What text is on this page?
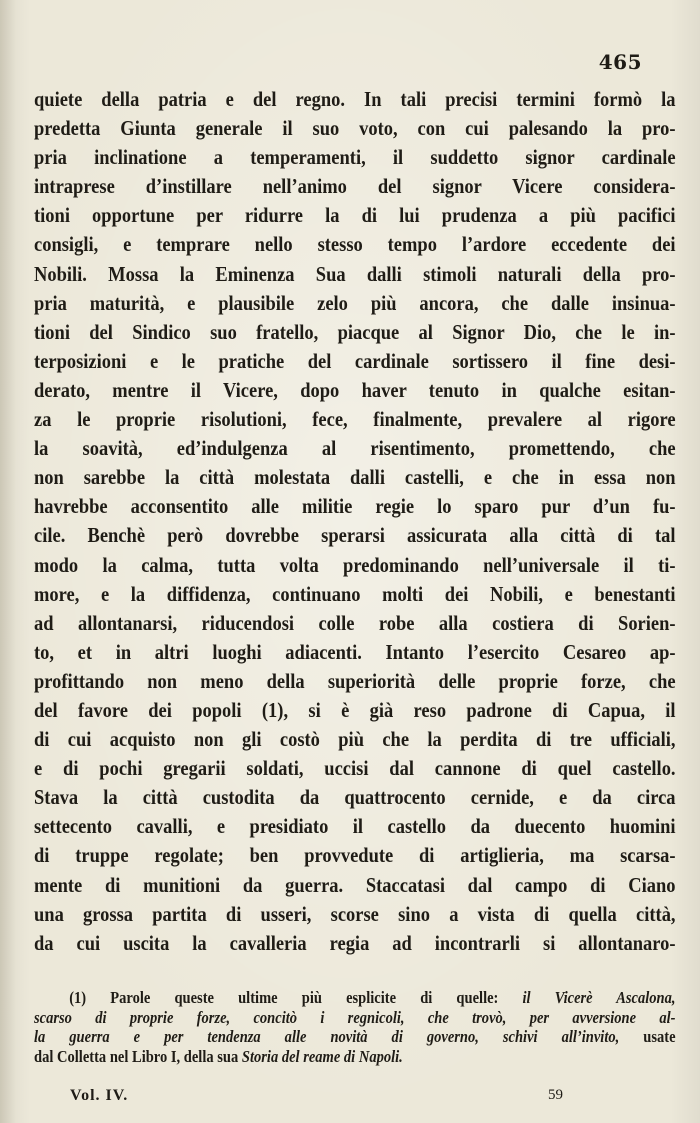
465
quiete della patria e del regno. In tali precisi termini formò la
predetta Giunta generale il suo voto, con cui palesando la pro-
pria inclinatione a temperamenti, il suddetto signor cardinale
intraprese d’instillare nell’animo del signor Vicere considera-
tioni opportune per ridurre la di lui prudenza a più pacifici
consigli, e temprare nello stesso tempo l’ardore eccedente dei
Nobili. Mossa la Eminenza Sua dalli stimoli naturali della pro-
pria maturità, e plausibile zelo più ancora, che dalle insinua-
tioni del Sindico suo fratello, piacque al Signor Dio, che le in-
terposizioni e le pratiche del cardinale sortissero il fine desi-
derato, mentre il Vicere, dopo haver tenuto in qualche esitan-
za le proprie risolutioni, fece, finalmente, prevalere al rigore
la soavità, ed’indulgenza al risentimento, promettendo, che
non sarebbe la città molestata dalli castelli, e che in essa non
havrebbe acconsentito alle militie regie lo sparo pur d’un fu-
cile. Benchè però dovrebbe sperarsi assicurata alla città di tal
modo la calma, tutta volta predominando nell’universale il ti-
more, e la diffidenza, continuano molti dei Nobili, e benestanti
ad allontanarsi, riducendosi colle robe alla costiera di Sorien-
to, et in altri luoghi adiacenti. Intanto l’esercito Cesareo ap-
profittando non meno della superiorità delle proprie forze, che
del favore dei popoli (1), si è già reso padrone di Capua, il
di cui acquisto non gli costò più che la perdita di tre ufficiali,
e di pochi gregarii soldati, uccisi dal cannone di quel castello.
Stava la città custodita da quattrocento cernide, e da circa
settecento cavalli, e presidiato il castello da duecento huomini
di truppe regolate; ben provvedute di artiglieria, ma scarsa-
mente di munitioni da guerra. Staccatasi dal campo di Ciano
una grossa partita di usseri, scorse sino a vista di quella città,
da cui uscita la cavalleria regia ad incontrarli si allontanaro-
(1) Parole queste ultime più esplicite di quelle: il Vicerè Ascalona,
scarso di proprie forze, concitò i regnicoli, che trovò, per avversione al-
la guerra e per tendenza alle novità di governo, schivi all’invito, usate
dal Colletta nel Libro I, della sua Storia del reame di Napoli.
Vol. IV.	59
